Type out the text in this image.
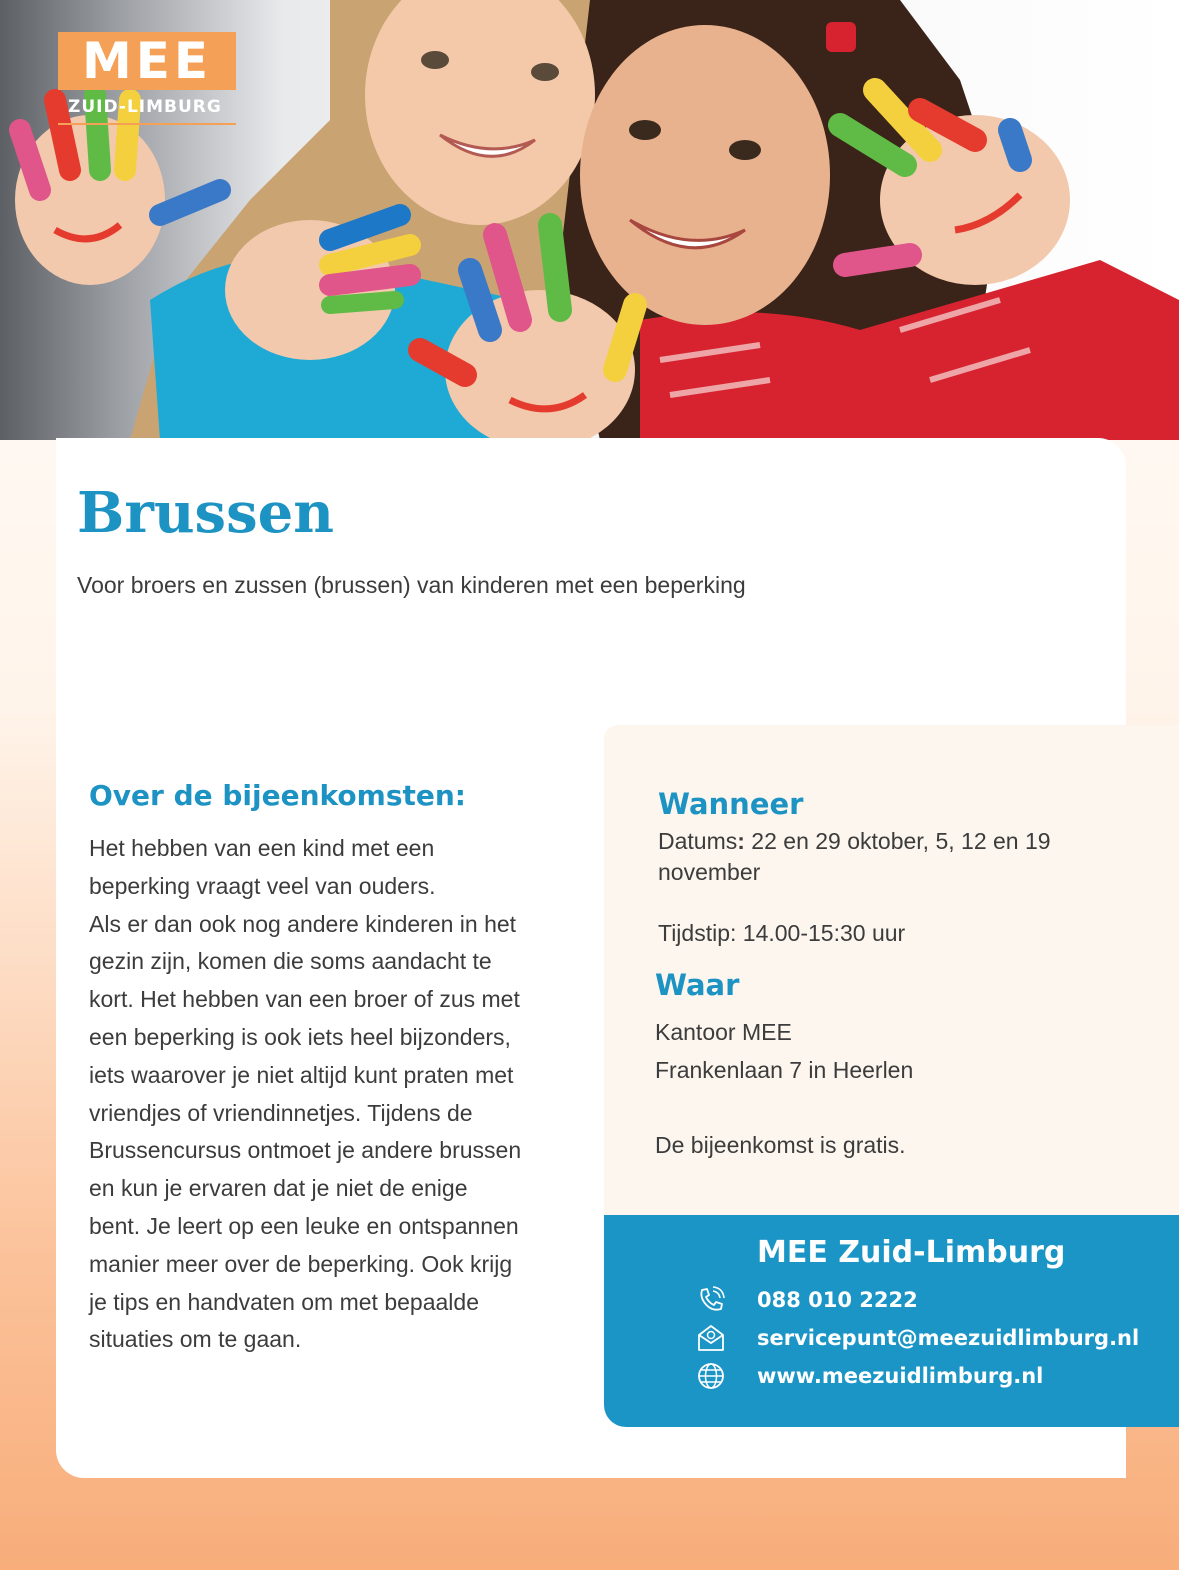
MEE
ZUID-LIMBURG
Brussen

Voor broers en zussen (brussen) van kinderen met een beperking

Over de bijeenkomsten:
Het hebben van een kind met een
beperking vraagt veel van ouders.
Als er dan ook nog andere kinderen in het
gezin zijn, komen die soms aandacht te
kort. Het hebben van een broer of zus met
een beperking is ook iets heel bijzonders,
iets waarover je niet altijd kunt praten met
vriendjes of vriendinnetjes. Tijdens de
Brussencursus ontmoet je andere brussen
en kun je ervaren dat je niet de enige
bent. Je leert op een leuke en ontspannen
manier meer over de beperking. Ook krijg
je tips en handvaten om met bepaalde
situaties om te gaan.
Wanneer

Datums: 22 en 29 oktober, 5, 12 en 19

november

Tijdstip: 14.00-15:30 uur

Waar

Kantoor MEE

Frankenlaan 7 in Heerlen

De bijeenkomst is gratis.

MEE Zuid-Limburg
088 010 2222
servicepunt@meezuidlimburg.nl
www.meezuidlimburg.nl
